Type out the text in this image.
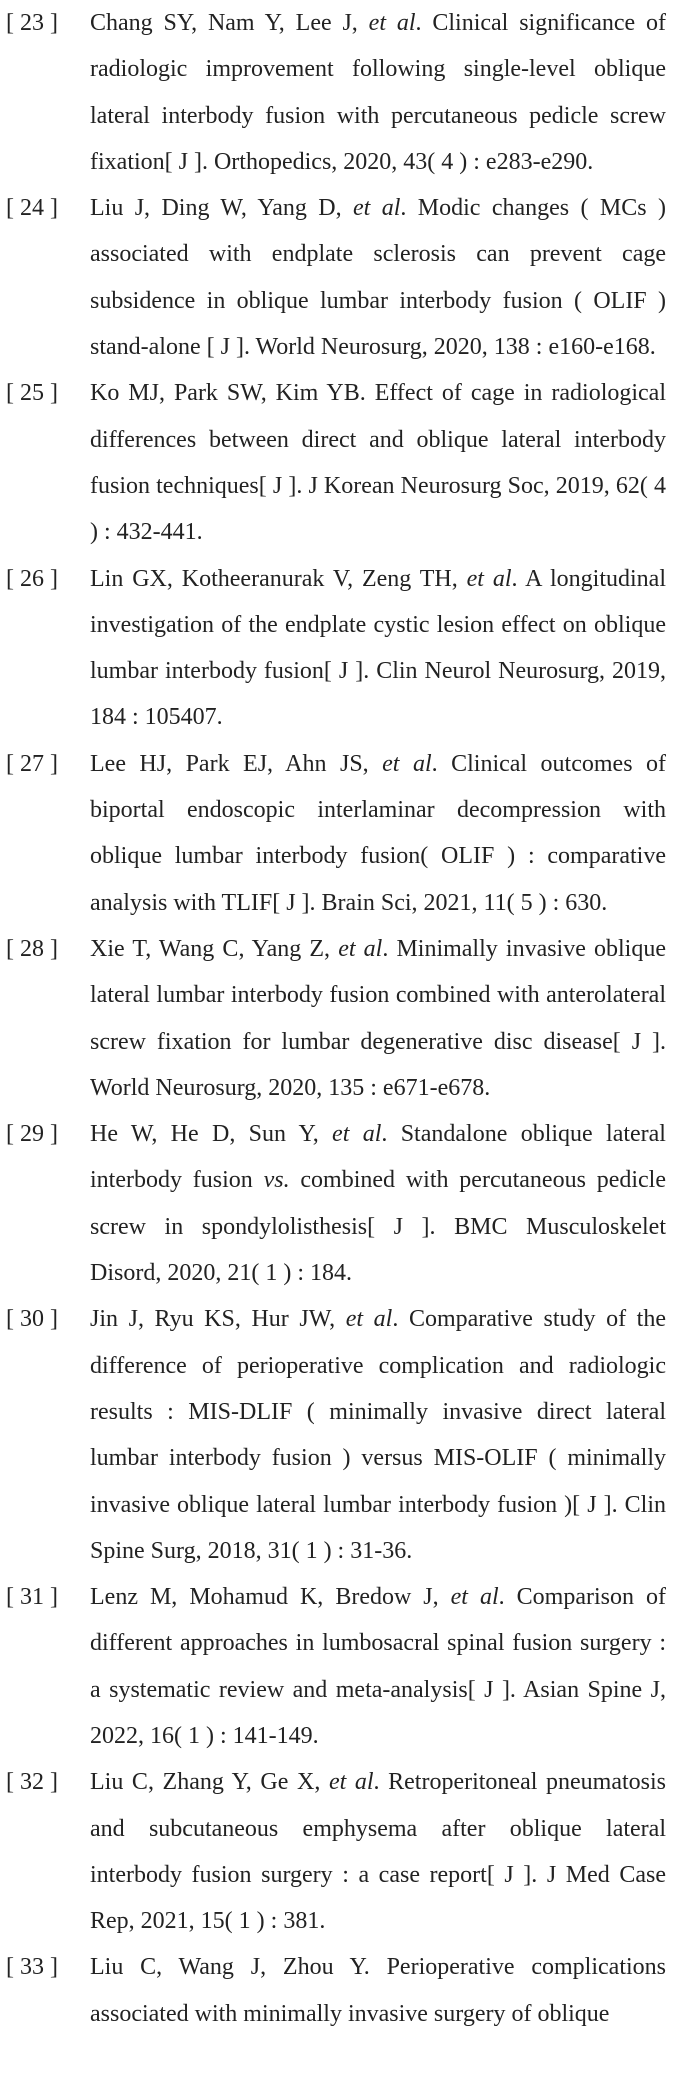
[ 23 ]	Chang SY, Nam Y, Lee J, et al. Clinical significance of radiologic improvement following single-level oblique lateral interbody fusion with percutaneous pedicle screw fixation[ J ]. Orthopedics, 2020, 43( 4 ) : e283-e290.
[ 24 ]	Liu J, Ding W, Yang D, et al. Modic changes ( MCs ) associated with endplate sclerosis can prevent cage subsidence in oblique lumbar interbody fusion ( OLIF ) stand-alone [ J ]. World Neurosurg, 2020, 138 : e160-e168.
[ 25 ]	Ko MJ, Park SW, Kim YB. Effect of cage in radiological differences between direct and oblique lateral interbody fusion techniques[ J ]. J Korean Neurosurg Soc, 2019, 62( 4 ) : 432-441.
[ 26 ]	Lin GX, Kotheeranurak V, Zeng TH, et al. A longitudinal investigation of the endplate cystic lesion effect on oblique lumbar interbody fusion[ J ]. Clin Neurol Neurosurg, 2019, 184 : 105407.
[ 27 ]	Lee HJ, Park EJ, Ahn JS, et al. Clinical outcomes of biportal endoscopic interlaminar decompression with oblique lumbar interbody fusion( OLIF ) : comparative analysis with TLIF[ J ]. Brain Sci, 2021, 11( 5 ) : 630.
[ 28 ]	Xie T, Wang C, Yang Z, et al. Minimally invasive oblique lateral lumbar interbody fusion combined with anterolateral screw fixation for lumbar degenerative disc disease[ J ]. World Neurosurg, 2020, 135 : e671-e678.
[ 29 ]	He W, He D, Sun Y, et al. Standalone oblique lateral interbody fusion vs. combined with percutaneous pedicle screw in spondylolisthesis[ J ]. BMC Musculoskelet Disord, 2020, 21( 1 ) : 184.
[ 30 ]	Jin J, Ryu KS, Hur JW, et al. Comparative study of the difference of perioperative complication and radiologic results : MIS-DLIF ( minimally invasive direct lateral lumbar interbody fusion ) versus MIS-OLIF ( minimally invasive oblique lateral lumbar interbody fusion )[ J ]. Clin Spine Surg, 2018, 31( 1 ) : 31-36.
[ 31 ]	Lenz M, Mohamud K, Bredow J, et al. Comparison of different approaches in lumbosacral spinal fusion surgery : a systematic review and meta-analysis[ J ]. Asian Spine J, 2022, 16( 1 ) : 141-149.
[ 32 ]	Liu C, Zhang Y, Ge X, et al. Retroperitoneal pneumatosis and subcutaneous emphysema after oblique lateral interbody fusion surgery : a case report[ J ]. J Med Case Rep, 2021, 15( 1 ) : 381.
[ 33 ]	Liu C, Wang J, Zhou Y. Perioperative complications associated with minimally invasive surgery of oblique
